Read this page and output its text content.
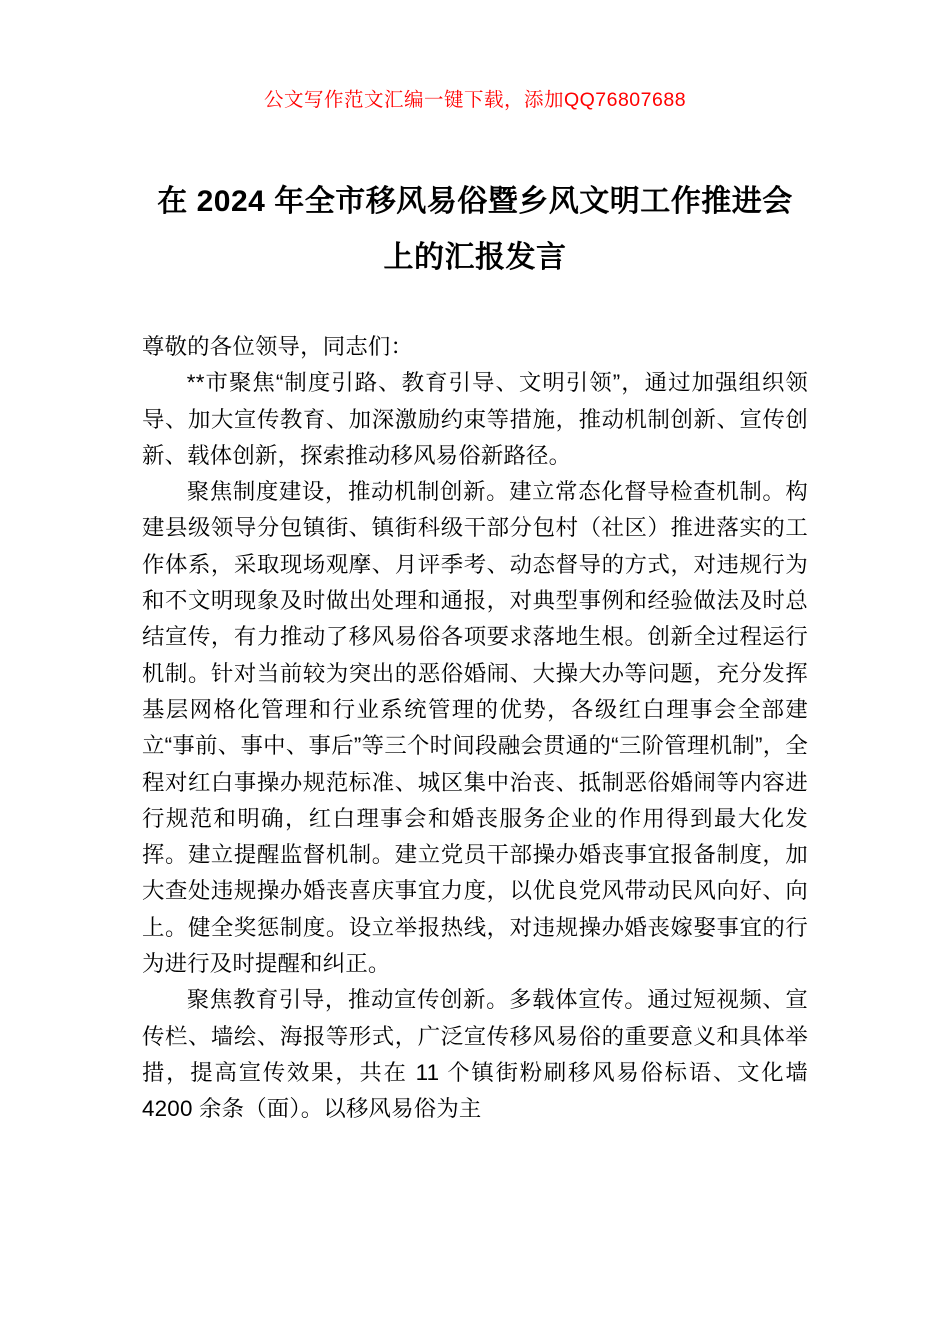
公文写作范文汇编一键下载，添加QQ76807688
在 2024 年全市移风易俗暨乡风文明工作推进会上的汇报发言

尊敬的各位领导，同志们：

**市聚焦“制度引路、教育引导、文明引领”，通过加强组织领导、加大宣传教育、加深激励约束等措施，推动机制创新、宣传创新、载体创新，探索推动移风易俗新路径。

聚焦制度建设，推动机制创新。建立常态化督导检查机制。构建县级领导分包镇街、镇街科级干部分包村（社区）推进落实的工作体系，采取现场观摩、月评季考、动态督导的方式，对违规行为和不文明现象及时做出处理和通报，对典型事例和经验做法及时总结宣传，有力推动了移风易俗各项要求落地生根。创新全过程运行机制。针对当前较为突出的恶俗婚闹、大操大办等问题，充分发挥基层网格化管理和行业系统管理的优势，各级红白理事会全部建立“事前、事中、事后”等三个时间段融会贯通的“三阶管理机制”，全程对红白事操办规范标准、城区集中治丧、抵制恶俗婚闹等内容进行规范和明确，红白理事会和婚丧服务企业的作用得到最大化发挥。建立提醒监督机制。建立党员干部操办婚丧事宜报备制度，加大查处违规操办婚丧喜庆事宜力度，以优良党风带动民风向好、向上。健全奖惩制度。设立举报热线，对违规操办婚丧嫁娶事宜的行为进行及时提醒和纠正。

聚焦教育引导，推动宣传创新。多载体宣传。通过短视频、宣传栏、墙绘、海报等形式，广泛宣传移风易俗的重要意义和具体举措，提高宣传效果，共在 11 个镇街粉刷移风易俗标语、文化墙 4200 余条（面）。以移风易俗为主
